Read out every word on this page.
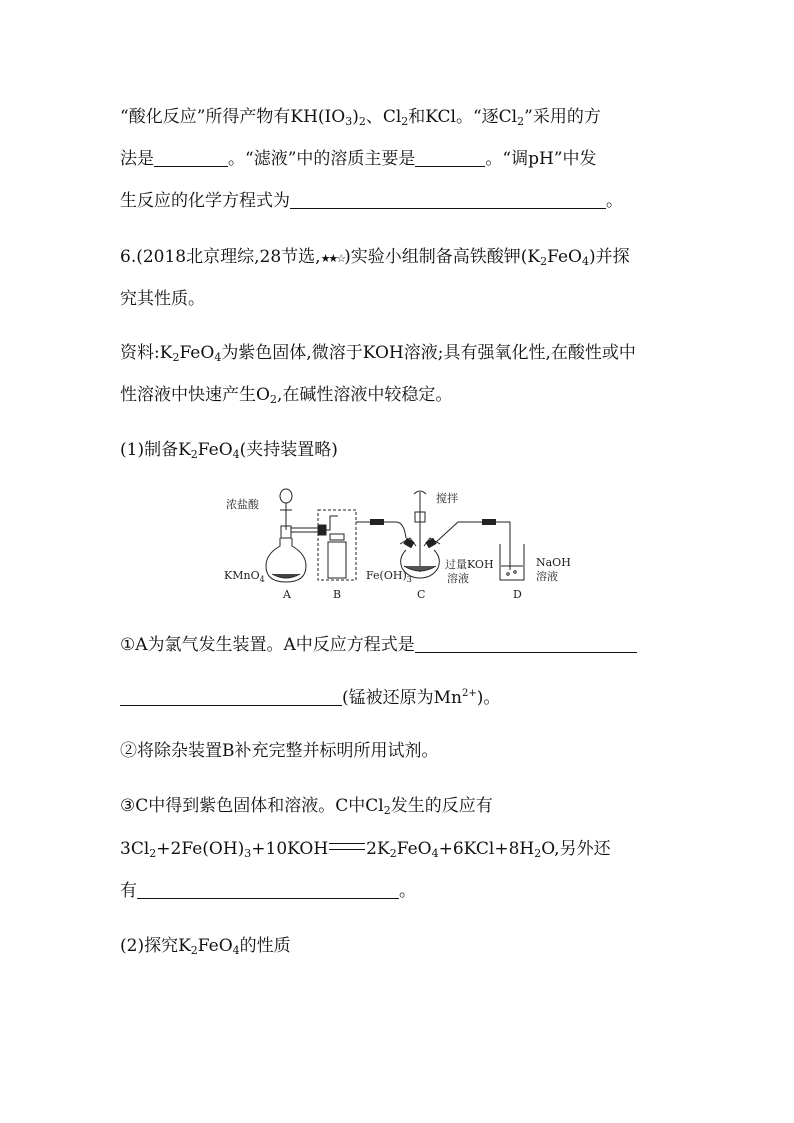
“酸化反应”所得产物有$KH(IO_3)_2$、$Cl_2$和KCl。“逐$Cl_2$”采用的方
法是	。“滤液”中的溶质主要是	。“调pH”中发
生反应的化学方程式为	。
6.(2018北京理综,28节选,★★☆)实验小组制备高铁酸钾$(K_2FeO_4)$并探
究其性质。
资料$:K_2FeO_4$为紫色固体,微溶于KOH溶液;具有强氧化性,在酸性或中
性溶液中快速产生$O_2$,在碱性溶液中较稳定。
(1)制备$K_2FeO_4$(夹持装置略)
浓盐酸
KMnO$_4$
搅拌
$Fe(OH)_3$
过量KOH
溶液
NaOH
溶液
A	B	C	D
①A为氯气发生装置。A中反应方程式是
(锰被还原为$Mn^{2+}$)。
②将除杂装置B补充完整并标明所用试剂。
③C中得到紫色固体和溶液。C中$Cl_2$发生的反应有
$3Cl_2+2Fe(OH)_3+10KOH$ $2K_2FeO_4+6KCl+8H_2O$,另外还
有	。
(2)探究$K_2FeO_4$的性质
